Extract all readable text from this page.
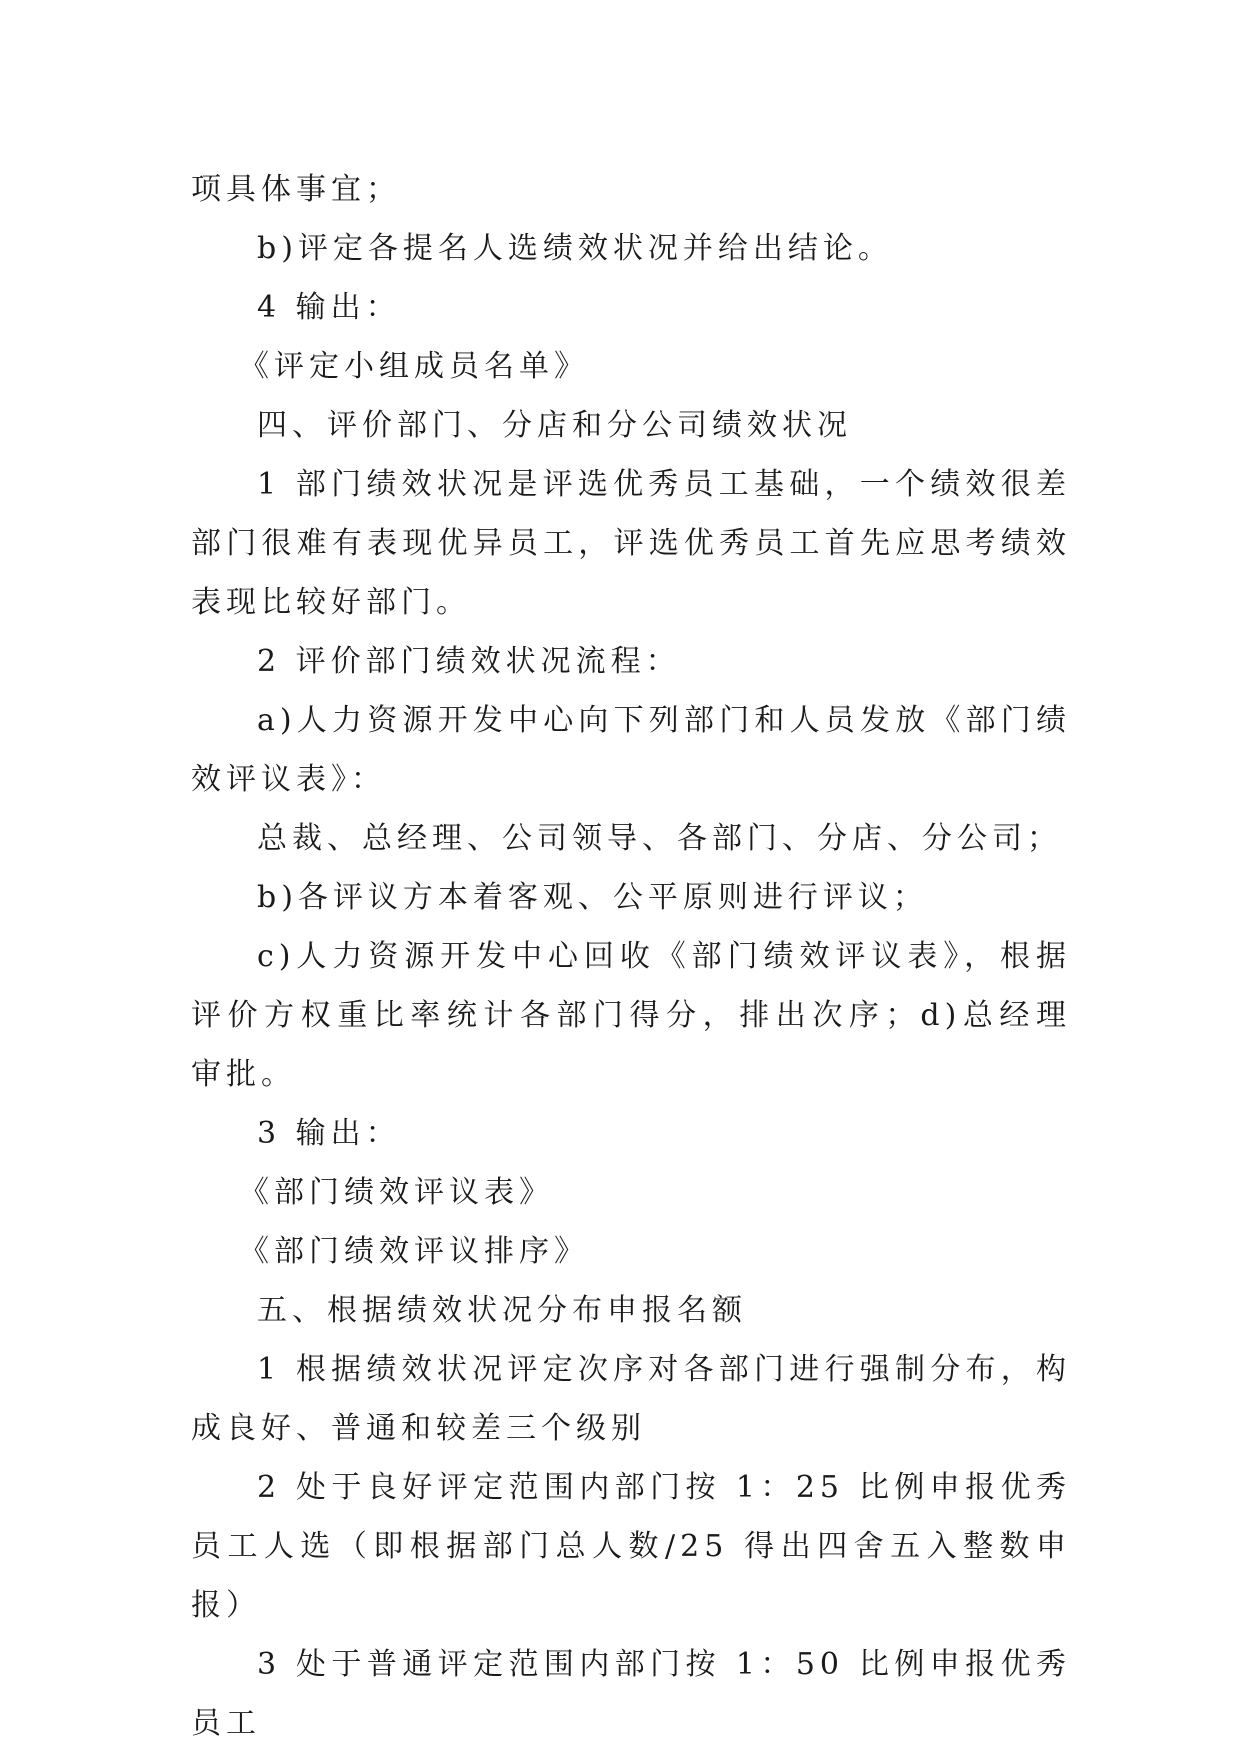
项具体事宜；

b)评定各提名人选绩效状况并给出结论。

4 输出：

《评定小组成员名单》

四、评价部门、分店和分公司绩效状况

1 部门绩效状况是评选优秀员工基础，一个绩效很差部门很难有表现优异员工，评选优秀员工首先应思考绩效表现比较好部门。

2 评价部门绩效状况流程：

a)人力资源开发中心向下列部门和人员发放《部门绩效评议表》：

总裁、总经理、公司领导、各部门、分店、分公司；

b)各评议方本着客观、公平原则进行评议；

c)人力资源开发中心回收《部门绩效评议表》，根据评价方权重比率统计各部门得分，排出次序；d)总经理审批。

3 输出：

《部门绩效评议表》

《部门绩效评议排序》

五、根据绩效状况分布申报名额

1 根据绩效状况评定次序对各部门进行强制分布，构成良好、普通和较差三个级别

2 处于良好评定范围内部门按 1：25 比例申报优秀员工人选（即根据部门总人数/25 得出四舍五入整数申报）

3 处于普通评定范围内部门按 1：50 比例申报优秀员工
